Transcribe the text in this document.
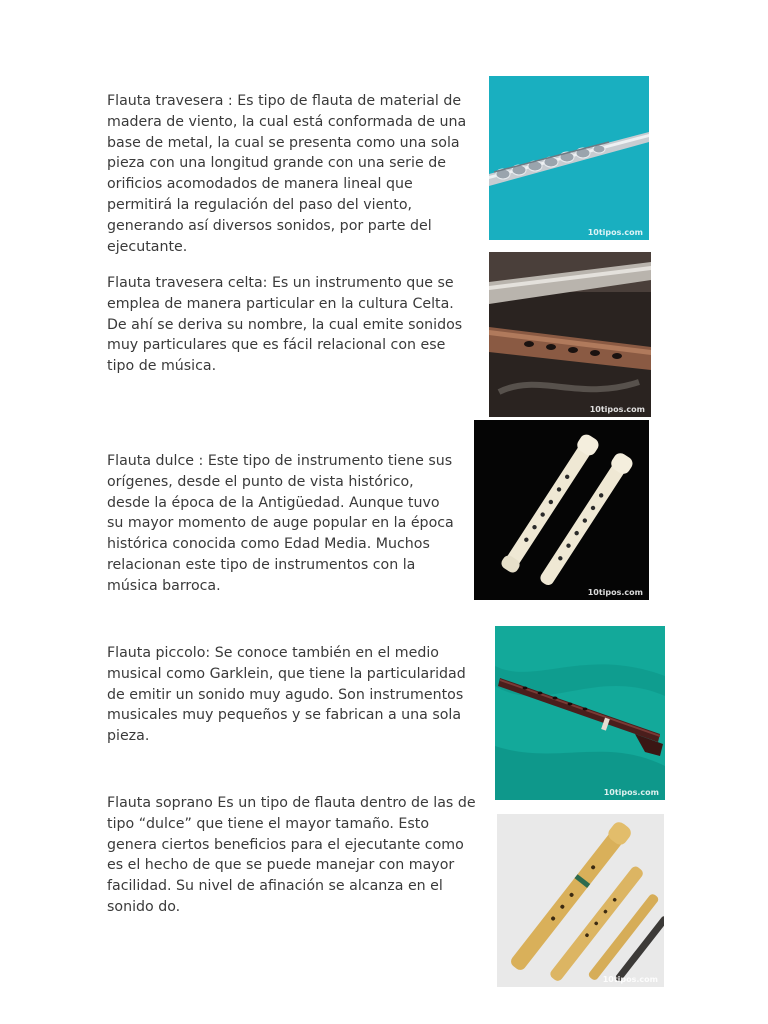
Flauta travesera : Es tipo de flauta de material de
madera de viento, la cual está conformada de una
base de metal, la cual se presenta como una sola
pieza con una longitud grande con una serie de
orificios acomodados de manera lineal que
permitirá la regulación del paso del viento,
generando así diversos sonidos, por parte del
ejecutante.

10tipos.com

Flauta travesera celta: Es un instrumento que se
emplea de manera particular en la cultura Celta.
De ahí se deriva su nombre, la cual emite sonidos
muy particulares que es fácil relacional con ese
tipo de música.

10tipos.com

Flauta dulce : Este tipo de instrumento tiene sus
orígenes, desde el punto de vista histórico,
desde la época de la Antigüedad. Aunque tuvo
su mayor momento de auge popular en la época
histórica conocida como Edad Media. Muchos
relacionan este tipo de instrumentos con la
música barroca.	10tipos.com

Flauta piccolo: Se conoce también en el medio
musical como Garklein, que tiene la particularidad
de emitir un sonido muy agudo. Son instrumentos
musicales muy pequeños y se fabrican a una sola
pieza.

10tipos.com

Flauta soprano Es un tipo de flauta dentro de las de
tipo “dulce” que tiene el mayor tamaño. Esto
genera ciertos beneficios para el ejecutante como
es el hecho de que se puede manejar con mayor
facilidad. Su nivel de afinación se alcanza en el
sonido do.

10tipos.com
